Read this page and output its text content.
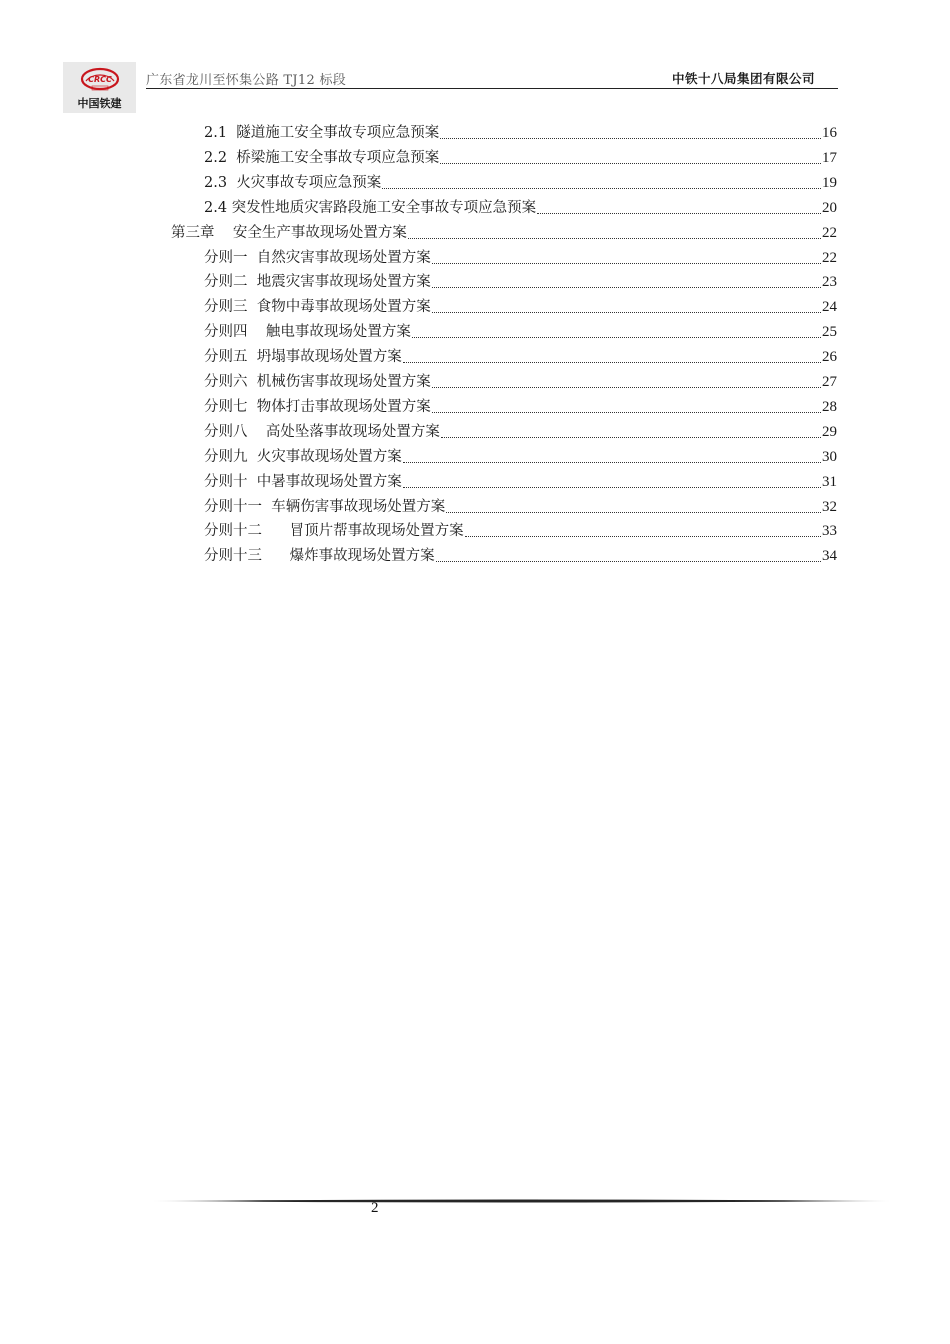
CRCC
中国铁建
广东省龙川至怀集公路 TJ12 标段	中铁十八局集团有限公司
2.1  隧道施工安全事故专项应急预案	16
2.2  桥梁施工安全事故专项应急预案	17
2.3  火灾事故专项应急预案	19
2.4 突发性地质灾害路段施工安全事故专项应急预案	20
第三章    安全生产事故现场处置方案	22
分则一  自然灾害事故现场处置方案	22
分则二  地震灾害事故现场处置方案	23
分则三  食物中毒事故现场处置方案	24
分则四    触电事故现场处置方案	25
分则五  坍塌事故现场处置方案	26
分则六  机械伤害事故现场处置方案	27
分则七  物体打击事故现场处置方案	28
分则八    高处坠落事故现场处置方案	29
分则九  火灾事故现场处置方案	30
分则十  中暑事故现场处置方案	31
分则十一  车辆伤害事故现场处置方案	32
分则十二      冒顶片帮事故现场处置方案	33
分则十三      爆炸事故现场处置方案	34
2
